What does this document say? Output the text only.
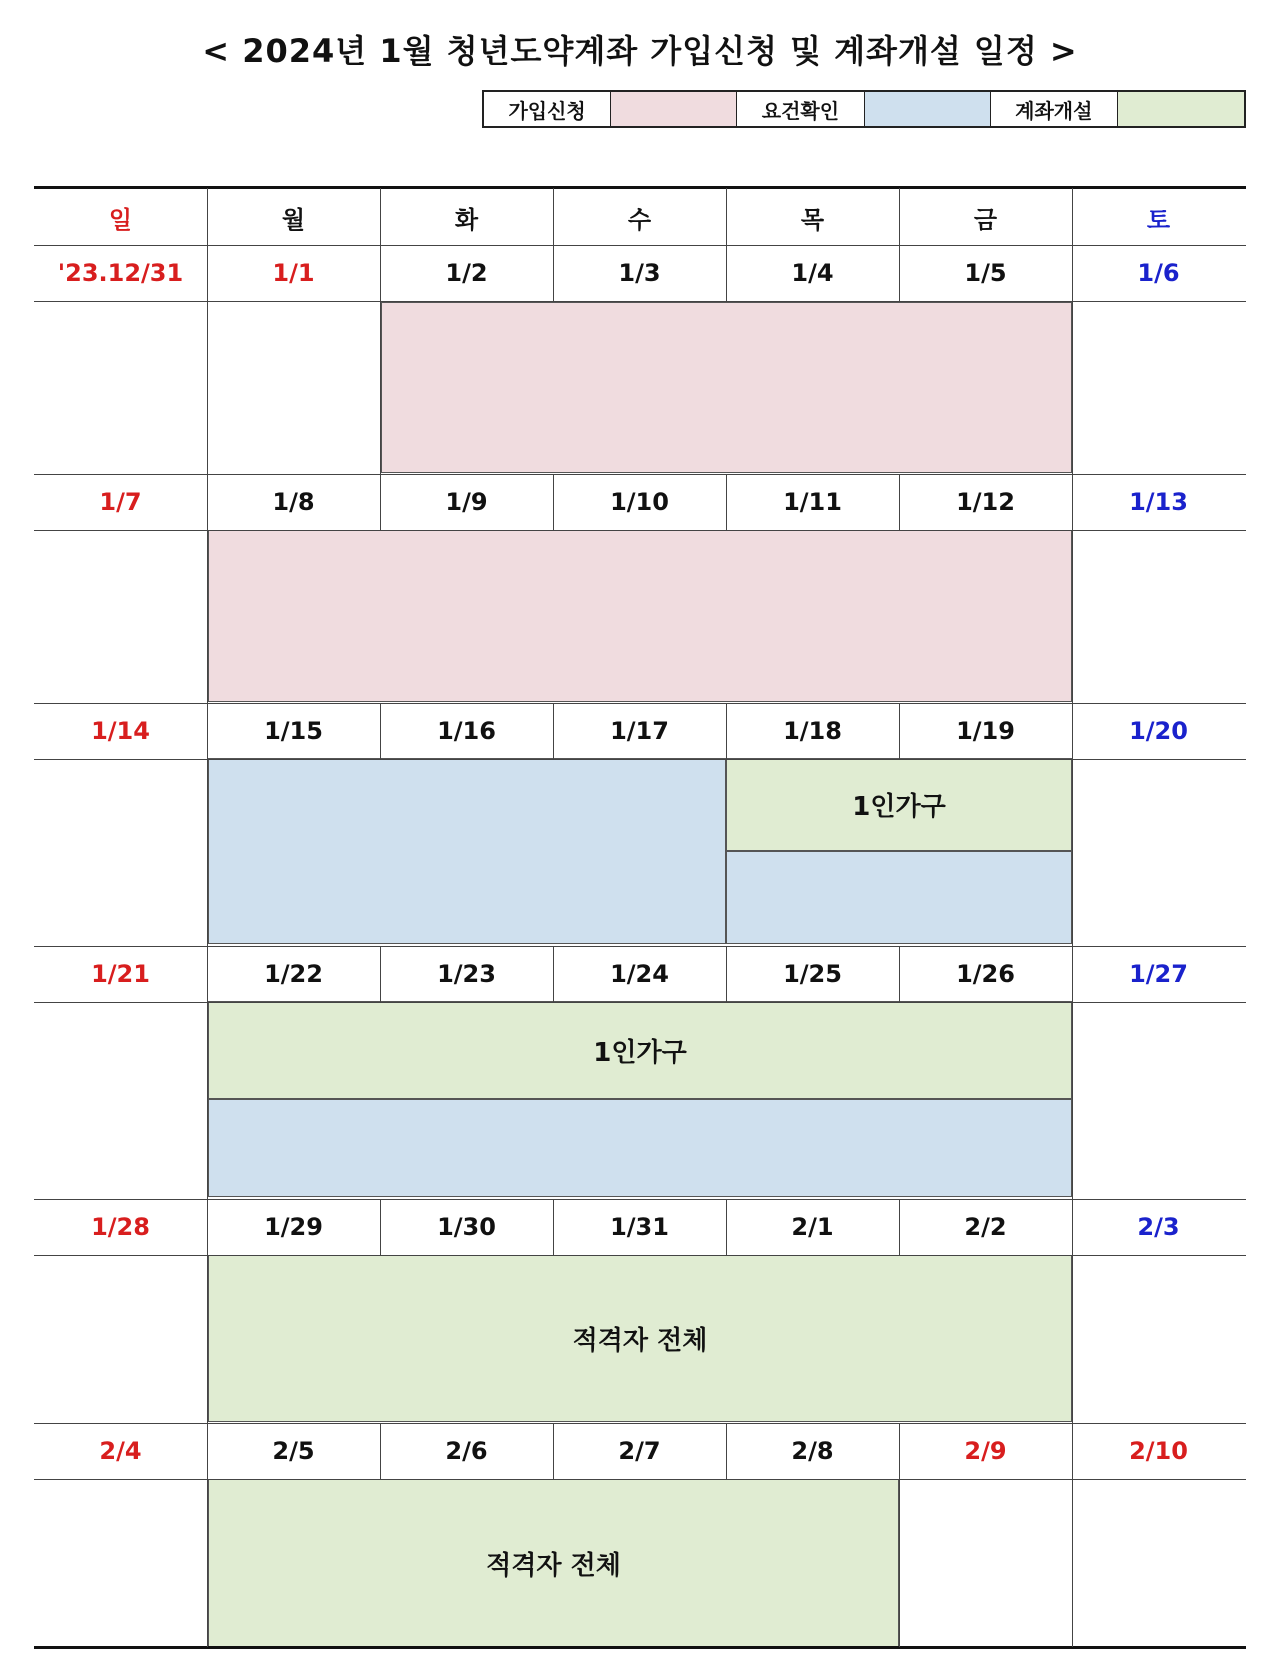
< 2024년 1월 청년도약계좌 가입신청 및 계좌개설 일정 >
가입신청	요건확인	계좌개설
1인가구
1인가구
적격자 전체
적격자 전체
일	월	화	수	목	금	토
'23.12/31	1/1	1/2	1/3	1/4	1/5	1/6
1/7	1/8	1/9	1/10	1/11	1/12	1/13
1/14	1/15	1/16	1/17	1/18	1/19	1/20
1/21	1/22	1/23	1/24	1/25	1/26	1/27
1/28	1/29	1/30	1/31	2/1	2/2	2/3
2/4	2/5	2/6	2/7	2/8	2/9	2/10
